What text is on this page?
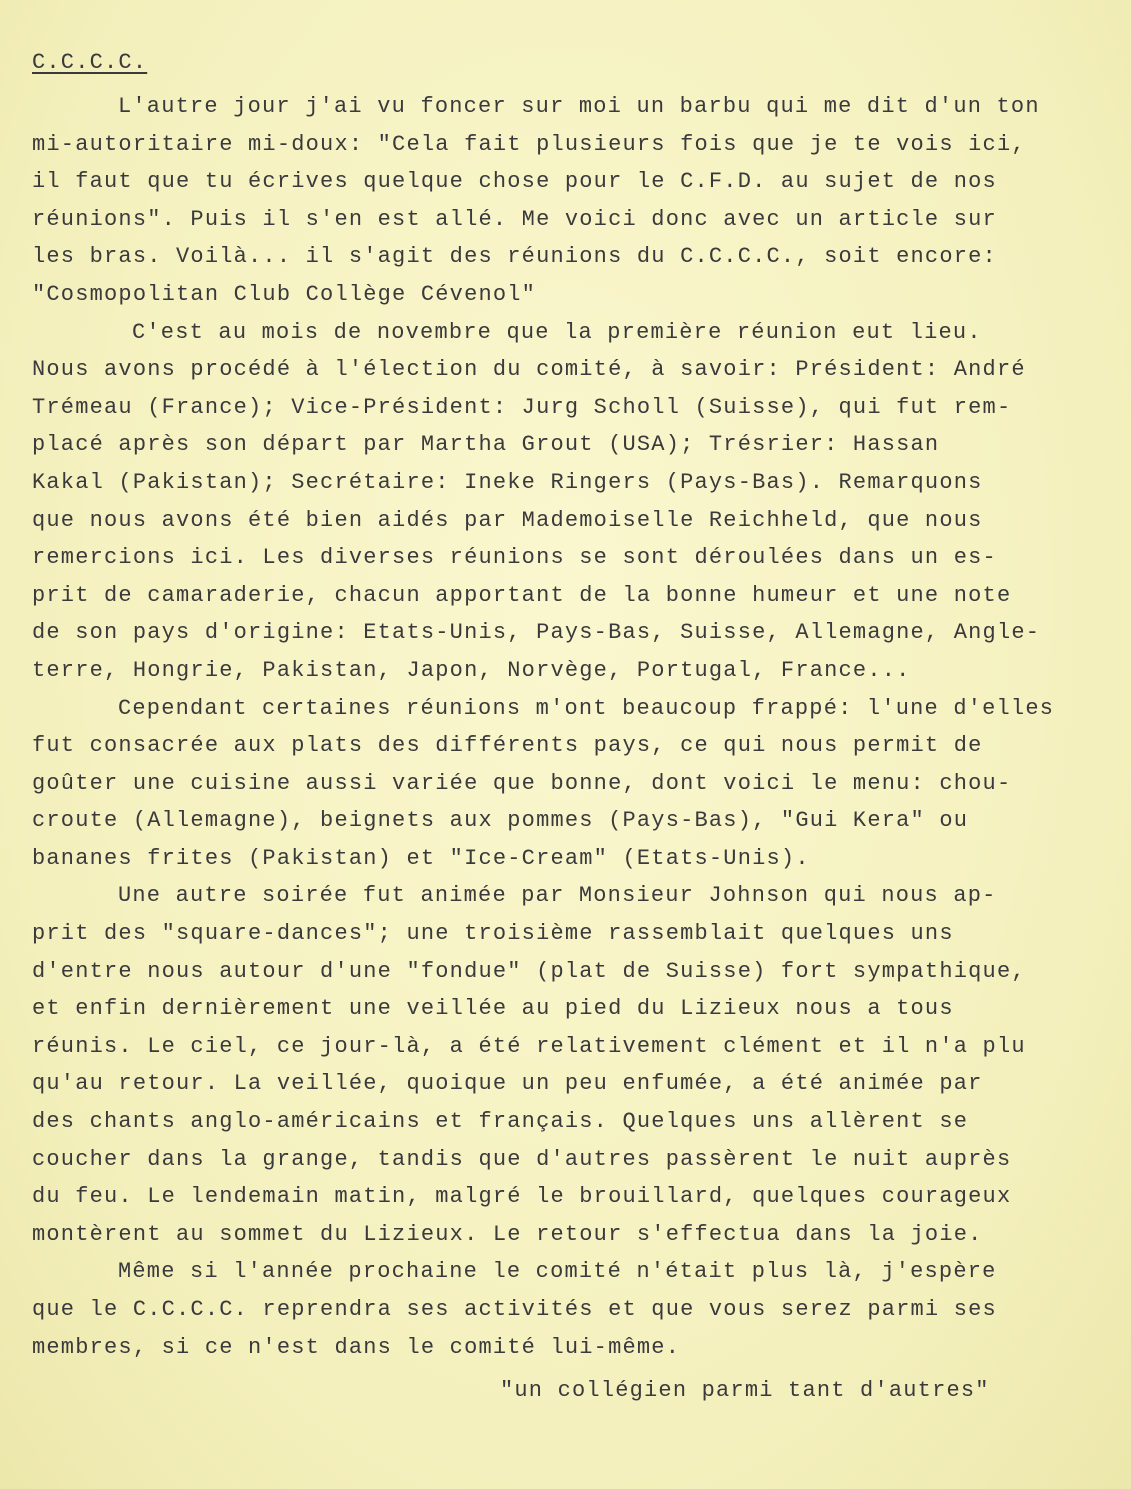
C.C.C.C.
L'autre jour j'ai vu foncer sur moi un barbu qui me dit d'un ton
mi-autoritaire mi-doux: "Cela fait plusieurs fois que je te vois ici,
il faut que tu écrives quelque chose pour le C.F.D. au sujet de nos
réunions". Puis il s'en est allé. Me voici donc avec un article sur
les bras. Voilà... il s'agit des réunions du C.C.C.C., soit encore:
"Cosmopolitan Club Collège Cévenol"
C'est au mois de novembre que la première réunion eut lieu.
Nous avons procédé à l'élection du comité, à savoir: Président: André
Trémeau (France); Vice-Président: Jurg Scholl (Suisse), qui fut rem-
placé après son départ par Martha Grout (USA); Trésrier: Hassan
Kakal (Pakistan); Secrétaire: Ineke Ringers (Pays-Bas). Remarquons
que nous avons été bien aidés par Mademoiselle Reichheld, que nous
remercions ici. Les diverses réunions se sont déroulées dans un es-
prit de camaraderie, chacun apportant de la bonne humeur et une note
de son pays d'origine: Etats-Unis, Pays-Bas, Suisse, Allemagne, Angle-
terre, Hongrie, Pakistan, Japon, Norvège, Portugal, France...
Cependant certaines réunions m'ont beaucoup frappé: l'une d'elles
fut consacrée aux plats des différents pays, ce qui nous permit de
goûter une cuisine aussi variée que bonne, dont voici le menu: chou-
croute (Allemagne), beignets aux pommes (Pays-Bas), "Gui Kera" ou
bananes frites (Pakistan) et "Ice-Cream" (Etats-Unis).
Une autre soirée fut animée par Monsieur Johnson qui nous ap-
prit des "square-dances"; une troisième rassemblait quelques uns
d'entre nous autour d'une "fondue" (plat de Suisse) fort sympathique,
et enfin dernièrement une veillée au pied du Lizieux nous a tous
réunis. Le ciel, ce jour-là, a été relativement clément et il n'a plu
qu'au retour. La veillée, quoique un peu enfumée, a été animée par
des chants anglo-américains et français. Quelques uns allèrent se
coucher dans la grange, tandis que d'autres passèrent le nuit auprès
du feu. Le lendemain matin, malgré le brouillard, quelques courageux
montèrent au sommet du Lizieux. Le retour s'effectua dans la joie.
Même si l'année prochaine le comité n'était plus là, j'espère
que le C.C.C.C. reprendra ses activités et que vous serez parmi ses
membres, si ce n'est dans le comité lui-même.
"un collégien parmi tant d'autres"
